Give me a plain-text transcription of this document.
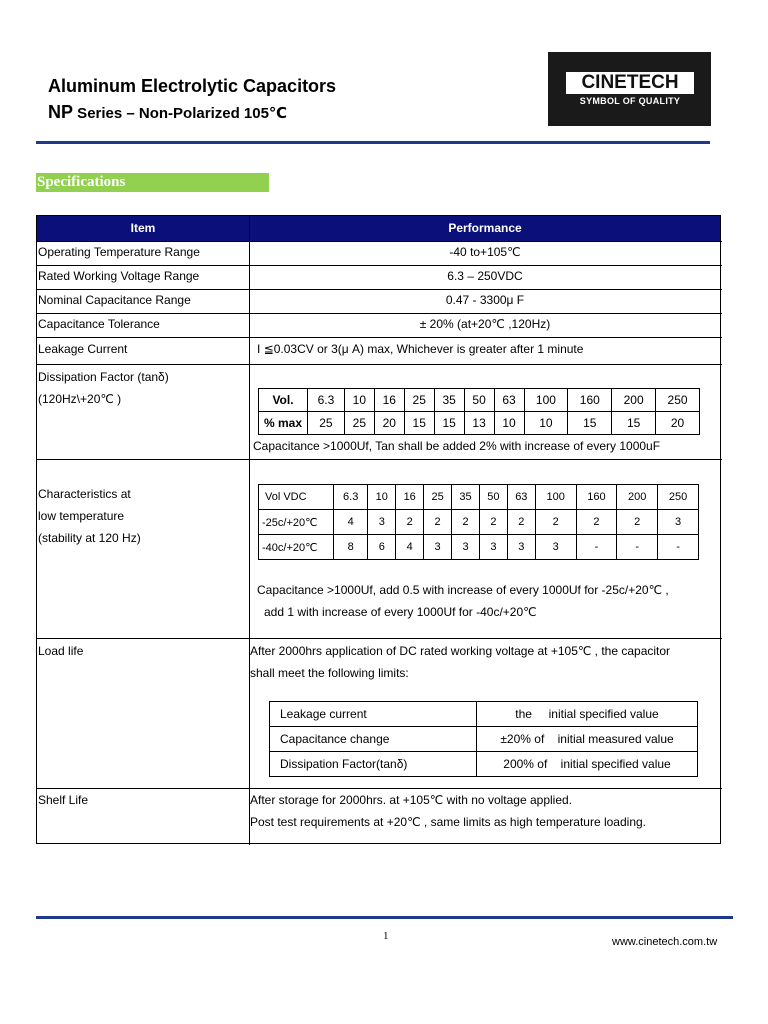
Aluminum Electrolytic Capacitors
NP Series – Non-Polarized 105℃
CINETECH
SYMBOL OF QUALITY
Specifications
Item	Performance
Operating Temperature Range	-40 to+105℃
Rated Working Voltage Range	6.3 – 250VDC
Nominal Capacitance Range	0.47 - 3300μ F
Capacitance Tolerance	± 20% (at+20℃ ,120Hz)
Leakage Current	I ≦0.03CV or 3(μ A) max, Whichever is greater after 1 minute
Dissipation Factor (tanδ)
(120Hz\+20℃ )	Vol.	6.3	10	16	25	35	50	63	100	160	200	250
% max	25	25	20	15	15	13	10	10	15	15	20
Capacitance >1000Uf, Tan shall be added 2% with increase of every 1000uF
Characteristics at
low temperature
(stability at 120 Hz)
Vol VDC	6.3	10	16	25	35	50	63	100	160	200	250
-25c/+20℃	4	3	2	2	2	2	2	2	2	2	3
-40c/+20℃	8	6	4	3	3	3	3	3	-	-	-
Capacitance >1000Uf, add 0.5 with increase of every 1000Uf for -25c/+20℃ ,
add 1 with increase of every 1000Uf for -40c/+20℃
Load life	After 2000hrs application of DC rated working voltage at +105℃ , the capacitor
shall meet the following limits:
Leakage current	the     initial specified value
Capacitance change	±20% of    initial measured value
Dissipation Factor(tanδ)	200% of    initial specified value
Shelf Life	After storage for 2000hrs. at +105℃ with no voltage applied.
Post test requirements at +20℃ , same limits as high temperature loading.
1	www.cinetech.com.tw
